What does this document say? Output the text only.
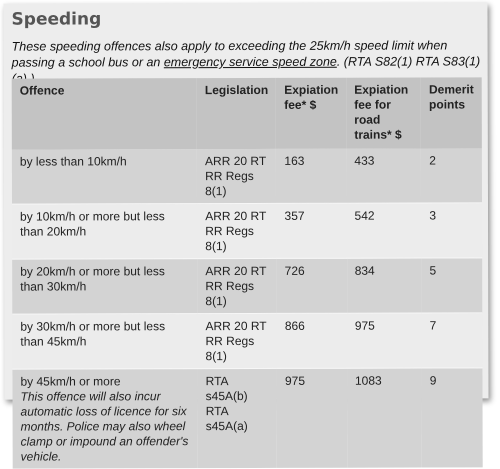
Speeding
These speeding offences also apply to exceeding the 25km/h speed limit when passing a school bus or an emergency service speed zone. (RTA S82(1) RTA S83(1)(a)
Offence	Legislation	Expiation fee* $	Expiation fee for road trains* $	Demerit points
by less than 10km/h	ARR 20 RT RR Regs 8(1)	163	433	2
by 10km/h or more but less than 20km/h	ARR 20 RT RR Regs 8(1)	357	542	3
by 20km/h or more but less than 30km/h	ARR 20 RT RR Regs 8(1)	726	834	5
by 30km/h or more but less than 45km/h	ARR 20 RT RR Regs 8(1)	866	975	7

by 45km/h or more
This offence will also incur automatic loss of licence for six months. Police may also wheel clamp or impound an offender's vehicle.	RTA s45A(b) RTA s45A(a)	975	1083	9
